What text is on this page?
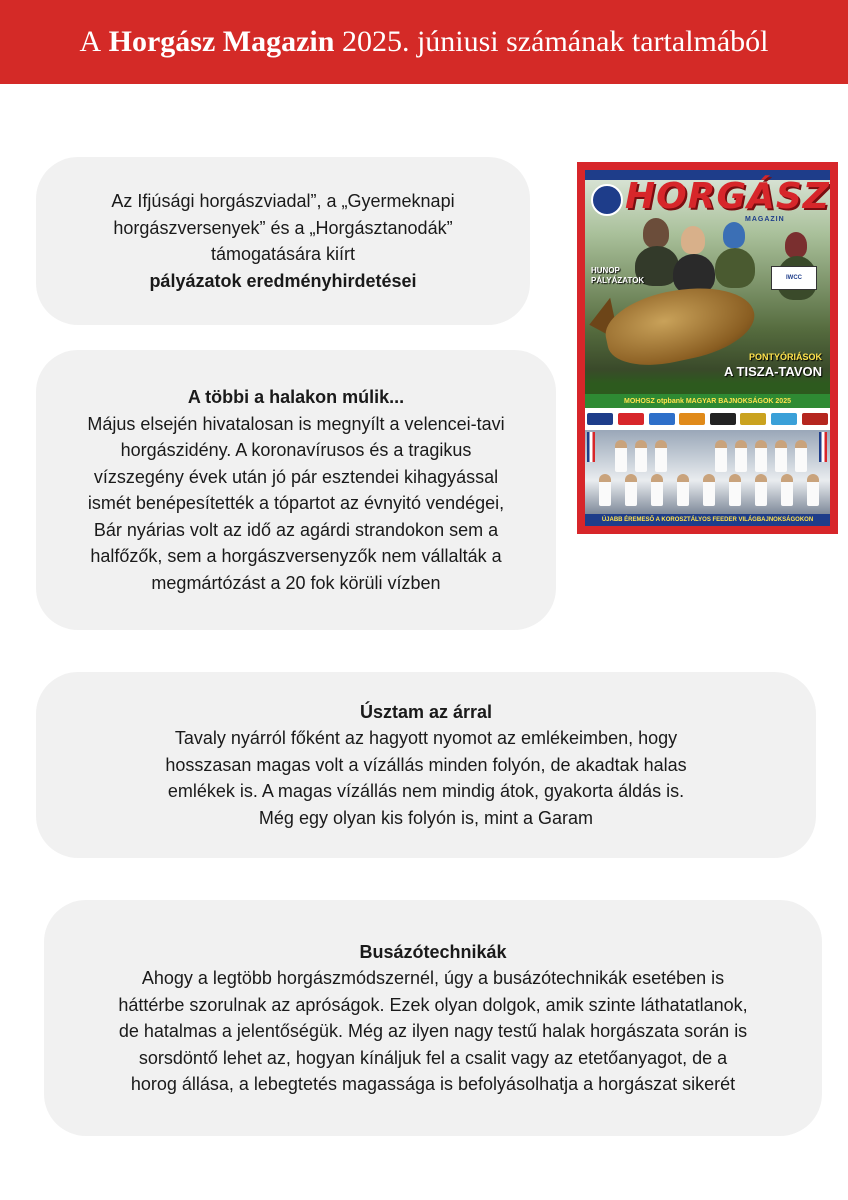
A
Horgász Magazin
2025. júniusi számának tartalmából

Az Ifjúsági horgászviadal”, a „Gyermeknapi

horgászversenyek” és a „Horgásztanodák”

támogatására kiírt

pályázatok eredményhirdetései

A többi a halakon múlik...

Május elsején hivatalosan is megnyílt a velencei-tavi

horgászidény. A koronavírusos és a tragikus

vízszegény évek után jó pár esztendei kihagyással

ismét benépesítették a tópartot az évnyitó vendégei,

Bár nyárias volt az idő az agárdi strandokon sem a

halfőzők, sem a horgászversenyzők nem vállalták a

megmártózást a 20 fok körüli vízben

Úsztam az árral

Tavaly nyárról főként az hagyott nyomot az emlékeimben, hogy

hosszasan magas volt a vízállás minden folyón, de akadtak halas

emlékek is. A magas vízállás nem mindig átok, gyakorta áldás is.

Még egy olyan kis folyón is, mint a Garam

Busázótechnikák

Ahogy a legtöbb horgászmódszernél, úgy a busázótechnikák esetében is

háttérbe szorulnak az apróságok. Ezek olyan dolgok, amik szinte láthatatlanok,

de hatalmas a jelentőségük. Még az ilyen nagy testű halak horgászata során is

sorsdöntő lehet az, hogyan kínáljuk fel a csalit vagy az etetőanyagot, de a

horog állása, a lebegtetés magassága is befolyásolhatja a horgászat sikerét

HORGÁSZ
MAGAZIN
IWCC
HUNOP
PÁLYÁZATOK
PONTYÓRIÁSOK
A TISZA-TAVON
MOHOSZ otpbank MAGYAR BAJNOKSÁGOK 2025
ÚJABB ÉREMESŐ A KOROSZTÁLYOS FEEDER VILÁGBAJNOKSÁGOKON
